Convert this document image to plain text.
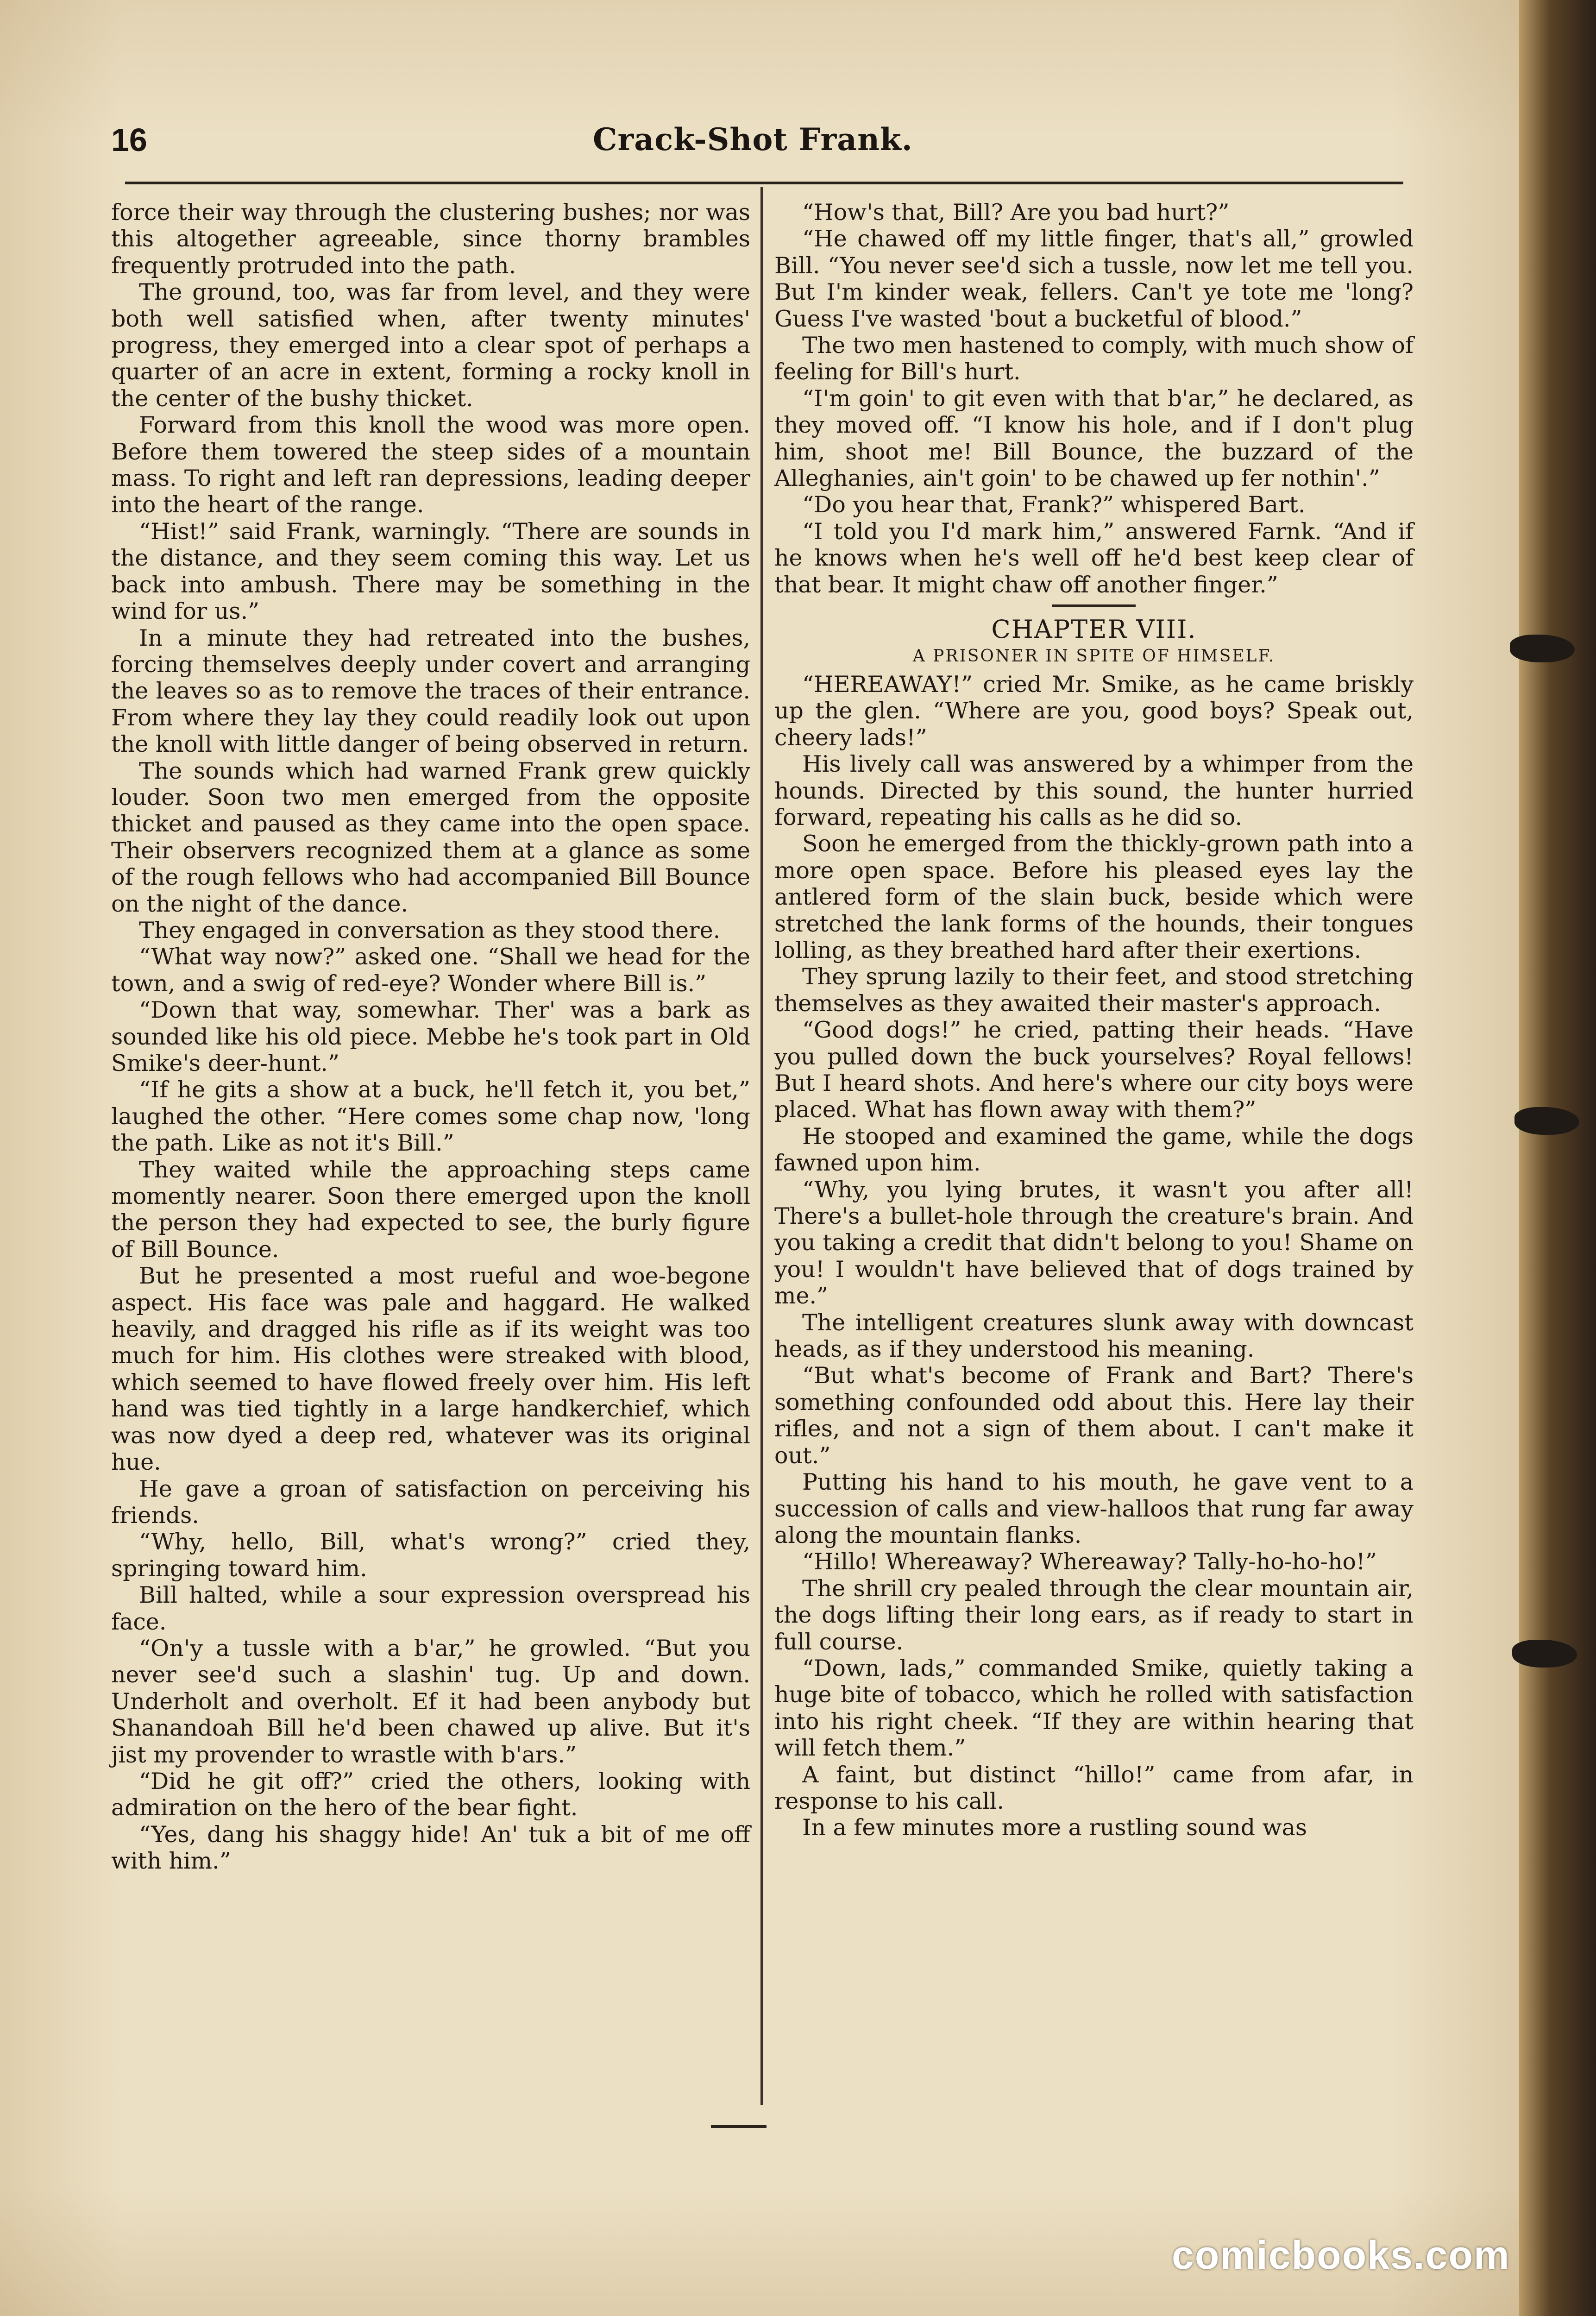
16	Crack-Shot Frank.

force their way through the clustering bushes; nor was this altogether agreeable, since thorny brambles frequently protruded into the path.

The ground, too, was far from level, and they were both well satisfied when, after twenty minutes' progress, they emerged into a clear spot of perhaps a quarter of an acre in extent, forming a rocky knoll in the center of the bushy thicket.

Forward from this knoll the wood was more open. Before them towered the steep sides of a mountain mass. To right and left ran depressions, leading deeper into the heart of the range.

“Hist!” said Frank, warningly. “There are sounds in the distance, and they seem coming this way. Let us back into ambush. There may be something in the wind for us.”

In a minute they had retreated into the bushes, forcing themselves deeply under covert and arranging the leaves so as to remove the traces of their entrance. From where they lay they could readily look out upon the knoll with little danger of being observed in return.

The sounds which had warned Frank grew quickly louder. Soon two men emerged from the opposite thicket and paused as they came into the open space. Their observers recognized them at a glance as some of the rough fellows who had accompanied Bill Bounce on the night of the dance.

They engaged in conversation as they stood there.

“What way now?” asked one. “Shall we head for the town, and a swig of red-eye? Wonder where Bill is.”

“Down that way, somewhar. Ther' was a bark as sounded like his old piece. Mebbe he's took part in Old Smike's deer-hunt.”

“If he gits a show at a buck, he'll fetch it, you bet,” laughed the other. “Here comes some chap now, 'long the path. Like as not it's Bill.”

They waited while the approaching steps came momently nearer. Soon there emerged upon the knoll the person they had expected to see, the burly figure of Bill Bounce.

But he presented a most rueful and woe-begone aspect. His face was pale and haggard. He walked heavily, and dragged his rifle as if its weight was too much for him. His clothes were streaked with blood, which seemed to have flowed freely over him. His left hand was tied tightly in a large handkerchief, which was now dyed a deep red, whatever was its original hue.

He gave a groan of satisfaction on perceiving his friends.

“Why, hello, Bill, what's wrong?” cried they, springing toward him.

Bill halted, while a sour expression overspread his face.

“On'y a tussle with a b'ar,” he growled. “But you never see'd such a slashin' tug. Up and down. Underholt and overholt. Ef it had been anybody but Shanandoah Bill he'd been chawed up alive. But it's jist my provender to wrastle with b'ars.”

“Did he git off?” cried the others, looking with admiration on the hero of the bear fight.

“Yes, dang his shaggy hide! An' tuk a bit of me off with him.”

“How's that, Bill? Are you bad hurt?”

“He chawed off my little finger, that's all,” growled Bill. “You never see'd sich a tussle, now let me tell you. But I'm kinder weak, fellers. Can't ye tote me 'long? Guess I've wasted 'bout a bucketful of blood.”

The two men hastened to comply, with much show of feeling for Bill's hurt.

“I'm goin' to git even with that b'ar,” he declared, as they moved off. “I know his hole, and if I don't plug him, shoot me! Bill Bounce, the buzzard of the Alleghanies, ain't goin' to be chawed up fer nothin'.”

“Do you hear that, Frank?” whispered Bart.

“I told you I'd mark him,” answered Farnk. “And if he knows when he's well off he'd best keep clear of that bear. It might chaw off another finger.”

CHAPTER VIII.

A PRISONER IN SPITE OF HIMSELF.

“HEREAWAY!” cried Mr. Smike, as he came briskly up the glen. “Where are you, good boys? Speak out, cheery lads!”

His lively call was answered by a whimper from the hounds. Directed by this sound, the hunter hurried forward, repeating his calls as he did so.

Soon he emerged from the thickly-grown path into a more open space. Before his pleased eyes lay the antlered form of the slain buck, beside which were stretched the lank forms of the hounds, their tongues lolling, as they breathed hard after their exertions.

They sprung lazily to their feet, and stood stretching themselves as they awaited their master's approach.

“Good dogs!” he cried, patting their heads. “Have you pulled down the buck yourselves? Royal fellows! But I heard shots. And here's where our city boys were placed. What has flown away with them?”

He stooped and examined the game, while the dogs fawned upon him.

“Why, you lying brutes, it wasn't you after all! There's a bullet-hole through the creature's brain. And you taking a credit that didn't belong to you! Shame on you! I wouldn't have believed that of dogs trained by me.”

The intelligent creatures slunk away with downcast heads, as if they understood his meaning.

“But what's become of Frank and Bart? There's something confounded odd about this. Here lay their rifles, and not a sign of them about. I can't make it out.”

Putting his hand to his mouth, he gave vent to a succession of calls and view-halloos that rung far away along the mountain flanks.

“Hillo! Whereaway? Whereaway? Tally-ho-ho-ho!”

The shrill cry pealed through the clear mountain air, the dogs lifting their long ears, as if ready to start in full course.

“Down, lads,” commanded Smike, quietly taking a huge bite of tobacco, which he rolled with satisfaction into his right cheek. “If they are within hearing that will fetch them.”

A faint, but distinct “hillo!” came from afar, in response to his call.

In a few minutes more a rustling sound was

comicbooks.com
